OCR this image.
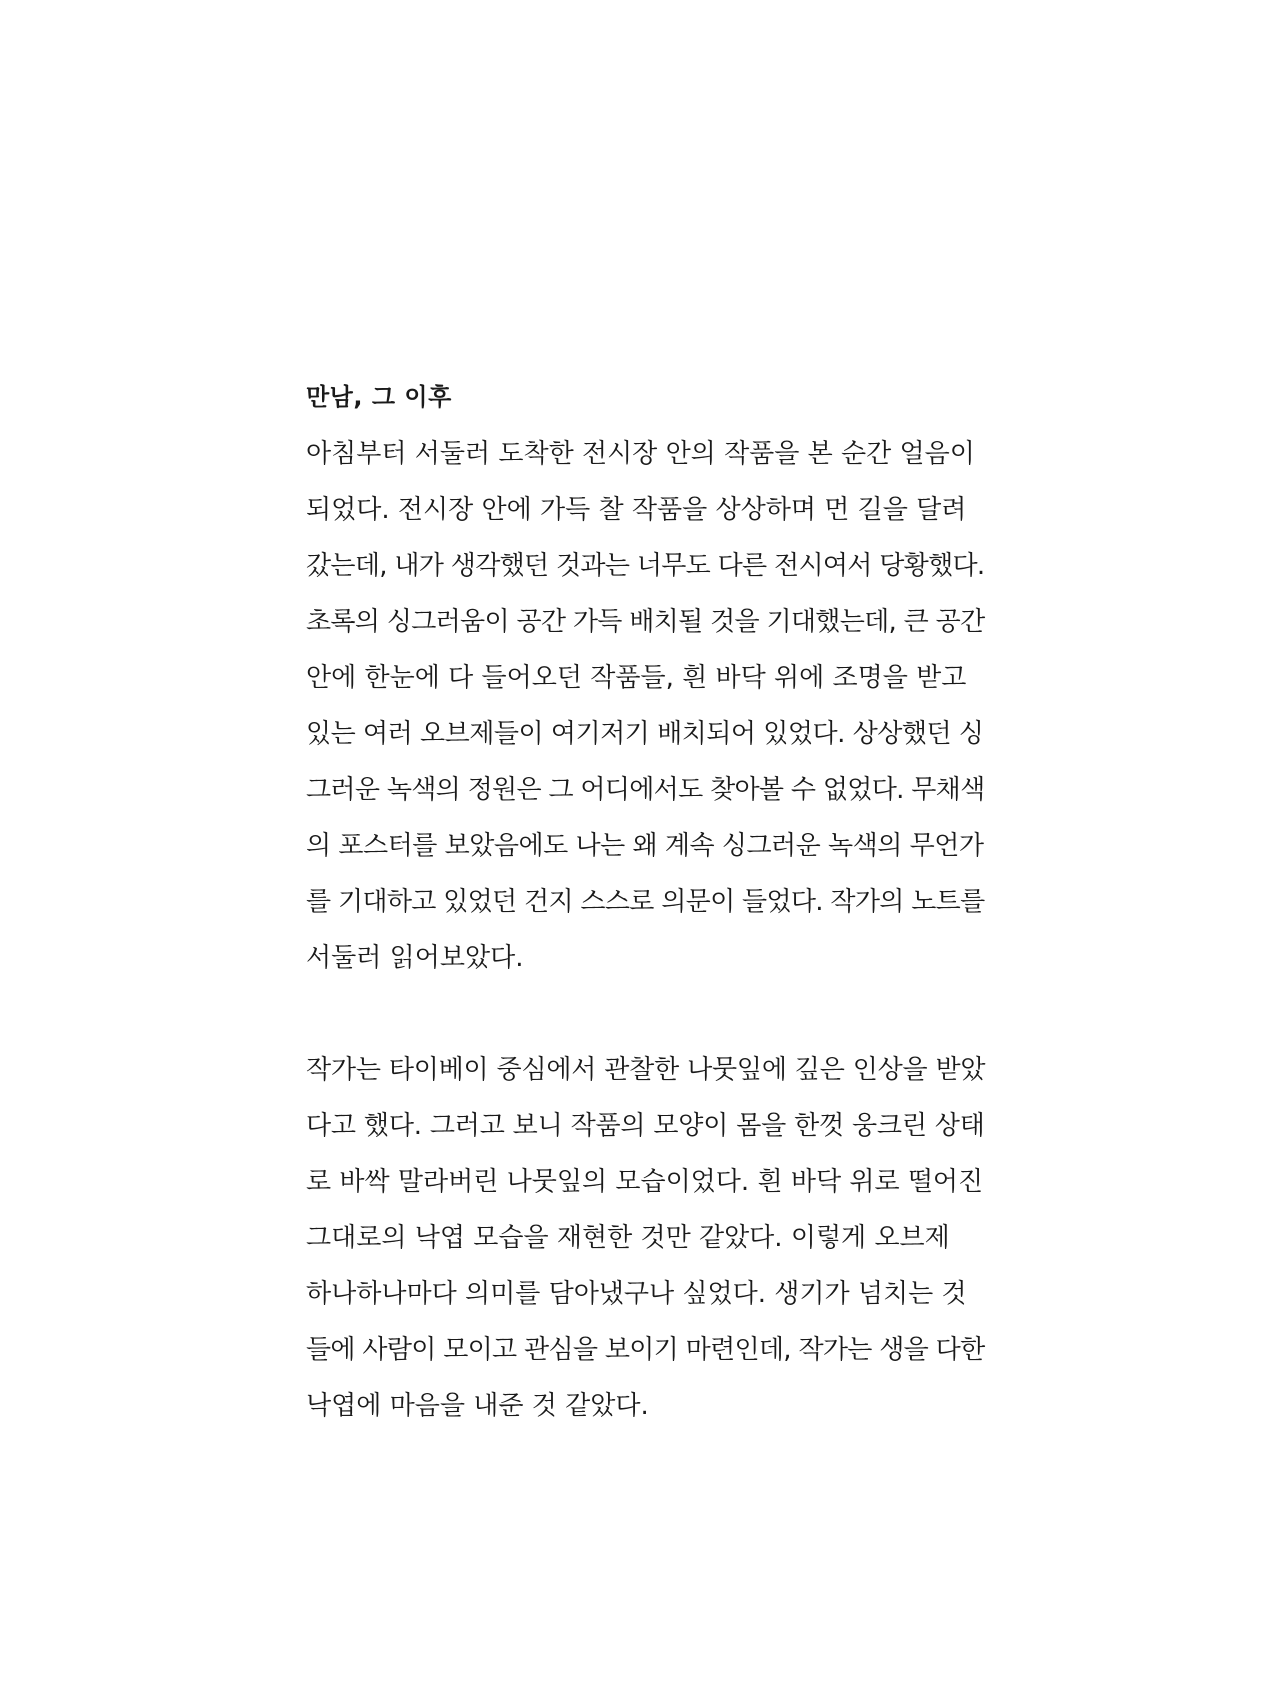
만남, 그 이후
아침부터 서둘러 도착한 전시장 안의 작품을 본 순간 얼음이
되었다. 전시장 안에 가득 찰 작품을 상상하며 먼 길을 달려
갔는데, 내가 생각했던 것과는 너무도 다른 전시여서 당황했다.
초록의 싱그러움이 공간 가득 배치될 것을 기대했는데, 큰 공간
안에 한눈에 다 들어오던 작품들, 흰 바닥 위에 조명을 받고
있는 여러 오브제들이 여기저기 배치되어 있었다. 상상했던 싱
그러운 녹색의 정원은 그 어디에서도 찾아볼 수 없었다. 무채색
의 포스터를 보았음에도 나는 왜 계속 싱그러운 녹색의 무언가
를 기대하고 있었던 건지 스스로 의문이 들었다. 작가의 노트를
서둘러 읽어보았다.
작가는 타이베이 중심에서 관찰한 나뭇잎에 깊은 인상을 받았
다고 했다. 그러고 보니 작품의 모양이 몸을 한껏 웅크린 상태
로 바싹 말라버린 나뭇잎의 모습이었다. 흰 바닥 위로 떨어진
그대로의 낙엽 모습을 재현한 것만 같았다. 이렇게 오브제
하나하나마다 의미를 담아냈구나 싶었다. 생기가 넘치는 것
들에 사람이 모이고 관심을 보이기 마련인데, 작가는 생을 다한
낙엽에 마음을 내준 것 같았다.
